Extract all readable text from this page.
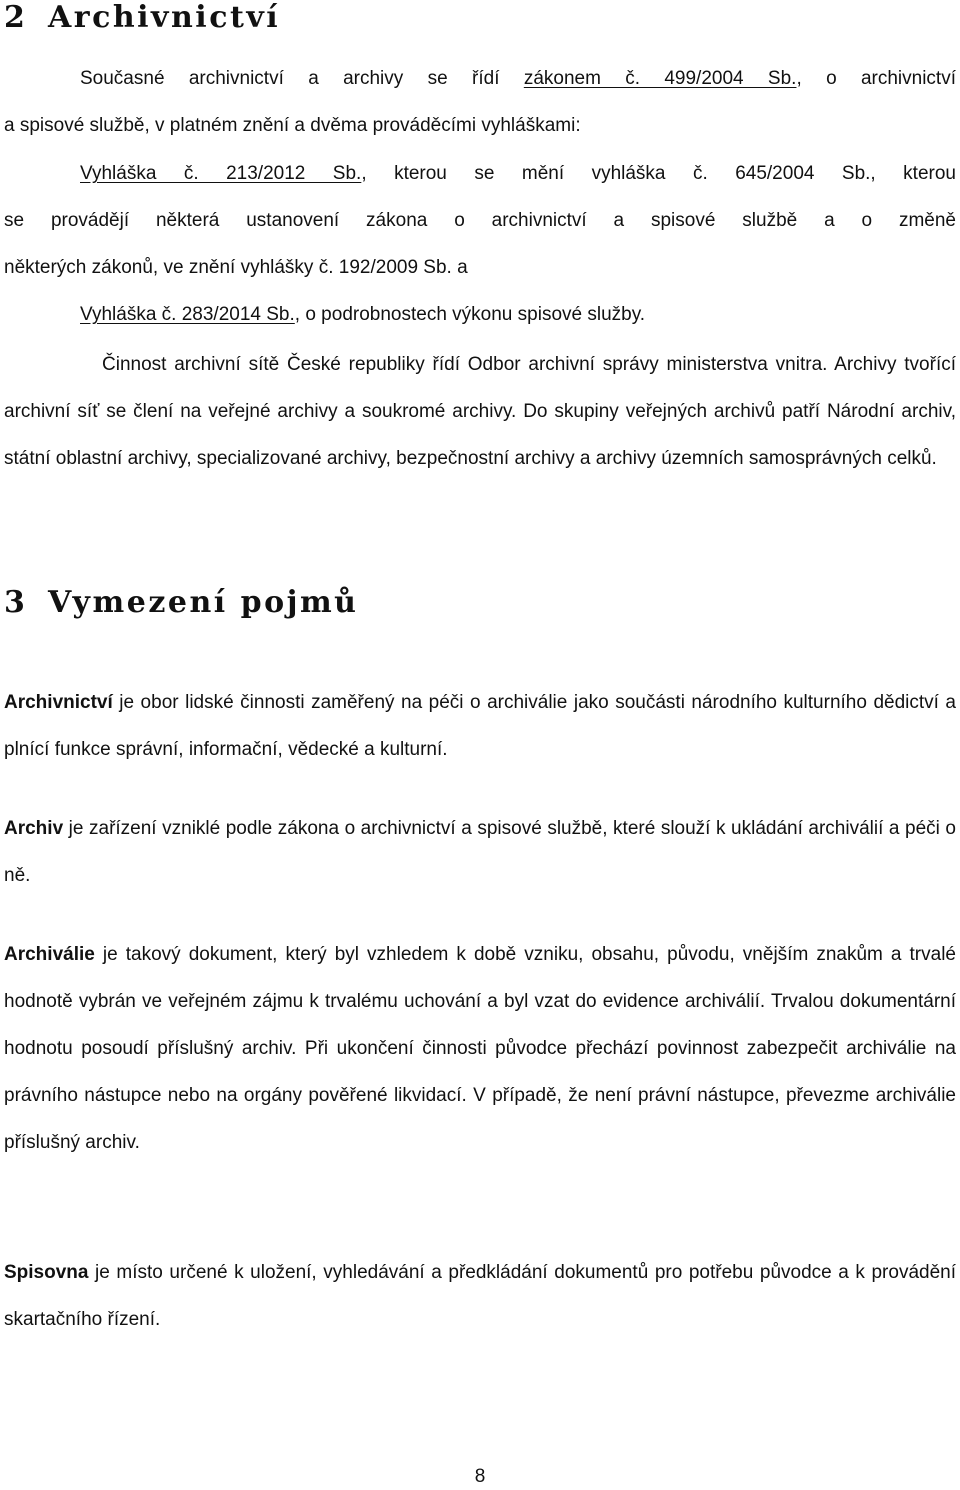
2 Archivnictví

Současné archivnictví a archivy se řídí zákonem č. 499/2004 Sb., o archivnictví

a spisové službě, v platném znění a dvěma prováděcími vyhláškami:

Vyhláška č. 213/2012 Sb., kterou se mění vyhláška č. 645/2004 Sb., kterou

se provádějí některá ustanovení zákona o archivnictví a spisové službě a o změně

některých zákonů, ve znění vyhlášky č. 192/2009 Sb. a

Vyhláška č. 283/2014 Sb., o podrobnostech výkonu spisové služby.

Činnost archivní sítě České republiky řídí Odbor archivní správy ministerstva vnitra. Archivy tvořící archivní síť se člení na veřejné archivy a soukromé archivy. Do skupiny veřejných archivů patří Národní archiv, státní oblastní archivy, specializované archivy, bezpečnostní archivy a archivy územních samosprávných celků.

3 Vymezení pojmů

Archivnictví je obor lidské činnosti zaměřený na péči o archiválie jako součásti národního kulturního dědictví a plnící funkce správní, informační, vědecké a kulturní.

Archiv je zařízení vzniklé podle zákona o archivnictví a spisové službě, které slouží k ukládání archiválií a péči o ně.

Archiválie je takový dokument, který byl vzhledem k době vzniku, obsahu, původu, vnějším znakům a trvalé hodnotě vybrán ve veřejném zájmu k trvalému uchování a byl vzat do evidence archiválií. Trvalou dokumentární hodnotu posoudí příslušný archiv. Při ukončení činnosti původce přechází povinnost zabezpečit archiválie na právního nástupce nebo na orgány pověřené likvidací. V případě, že není právní nástupce, převezme archiválie příslušný archiv.

Spisovna je místo určené k uložení, vyhledávání a předkládání dokumentů pro potřebu původce a k provádění skartačního řízení.

8
